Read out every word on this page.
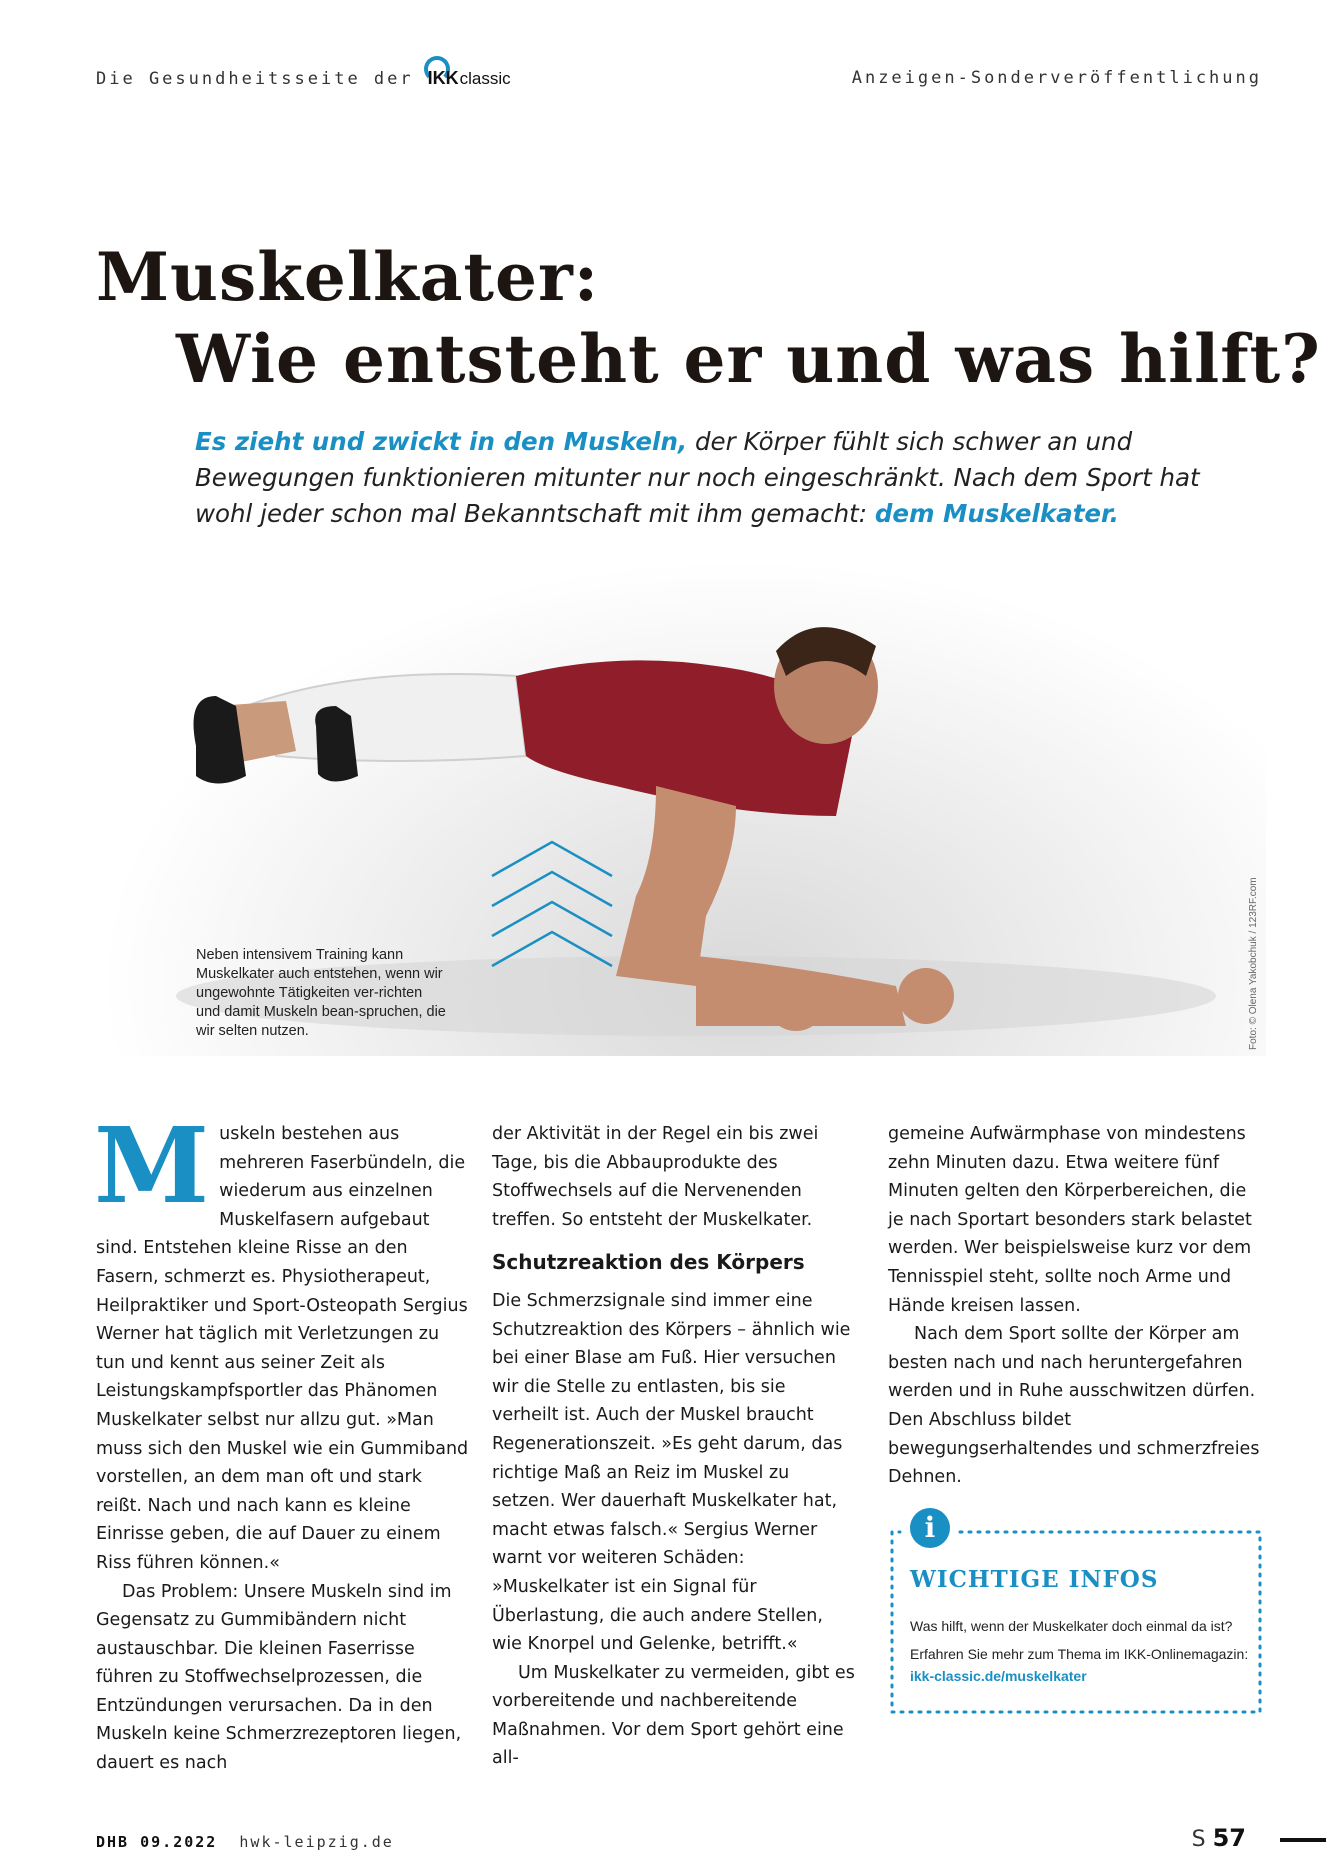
Die Gesundheitsseite der IKK classic	Anzeigen-Sonderveröffentlichung
Muskelkater:
Wie entsteht er und was hilft?

Es zieht und zwickt in den Muskeln, der Körper fühlt sich schwer an und Bewegungen funktionieren mitunter nur noch eingeschränkt. Nach dem Sport hat wohl jeder schon mal Bekanntschaft mit ihm gemacht: dem Muskelkater.

Neben intensivem Training kann Muskelkater auch entstehen, wenn wir ungewohnte Tätigkeiten ver-richten und damit Muskeln bean-spruchen, die wir selten nutzen.	Foto: © Olena Yakobchuk / 123RF.com

Muskeln bestehen aus mehreren Faserbündeln, die wiederum aus einzelnen Muskelfasern aufgebaut sind. Entstehen kleine Risse an den Fasern, schmerzt es. Physiotherapeut, Heilpraktiker und Sport-Osteopath Sergius Werner hat täglich mit Verletzungen zu tun und kennt aus seiner Zeit als Leistungskampfsportler das Phänomen Muskelkater selbst nur allzu gut. »Man muss sich den Muskel wie ein Gummiband vorstellen, an dem man oft und stark reißt. Nach und nach kann es kleine Einrisse geben, die auf Dauer zu einem Riss führen können.«

Das Problem: Unsere Muskeln sind im Gegensatz zu Gummibändern nicht austauschbar. Die kleinen Faserrisse führen zu Stoffwechselprozessen, die Entzündungen verursachen. Da in den Muskeln keine Schmerzrezeptoren liegen, dauert es nach

der Aktivität in der Regel ein bis zwei Tage, bis die Abbauprodukte des Stoffwechsels auf die Nervenenden treffen. So entsteht der Muskelkater.

Schutzreaktion des Körpers

Die Schmerzsignale sind immer eine Schutzreaktion des Körpers – ähnlich wie bei einer Blase am Fuß. Hier versuchen wir die Stelle zu entlasten, bis sie verheilt ist. Auch der Muskel braucht Regenerationszeit. »Es geht darum, das richtige Maß an Reiz im Muskel zu setzen. Wer dauerhaft Muskelkater hat, macht etwas falsch.« Sergius Werner warnt vor weiteren Schäden: »Muskelkater ist ein Signal für Überlastung, die auch andere Stellen, wie Knorpel und Gelenke, betrifft.«

Um Muskelkater zu vermeiden, gibt es vorbereitende und nachbereitende Maßnahmen. Vor dem Sport gehört eine all-

gemeine Aufwärmphase von mindestens zehn Minuten dazu. Etwa weitere fünf Minuten gelten den Körperbereichen, die je nach Sportart besonders stark belastet werden. Wer beispielsweise kurz vor dem Tennisspiel steht, sollte noch Arme und Hände kreisen lassen.

Nach dem Sport sollte der Körper am besten nach und nach heruntergefahren werden und in Ruhe ausschwitzen dürfen. Den Abschluss bildet bewegungserhaltendes und schmerzfreies Dehnen.

i
WICHTIGE INFOS

Was hilft, wenn der Muskelkater doch einmal da ist? Erfahren Sie mehr zum Thema im IKK-Onlinemagazin:

ikk-classic.de/muskelkater
DHB 09.2022 hwk-leipzig.de	S 57
